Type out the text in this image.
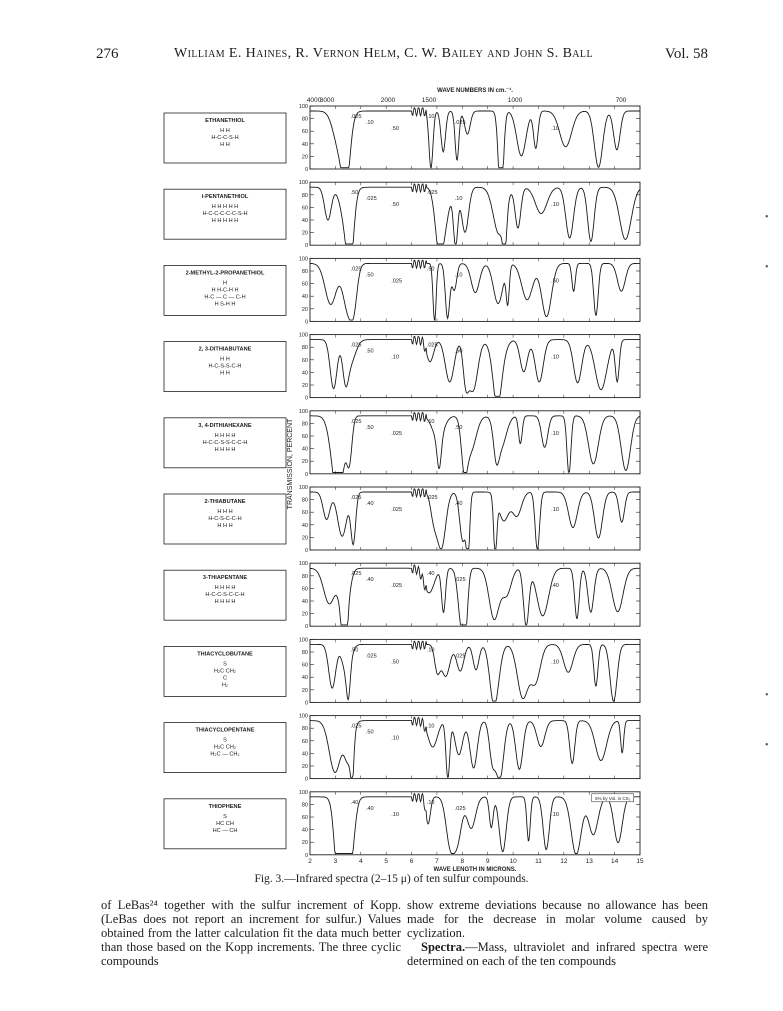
276	William E. Haines, R. Vernon Helm, C. W. Bailey and John S. Ball	Vol. 58
WAVE NUMBERS IN cm.⁻¹.
4000
3000	2000	1500	1000	700
ETHANETHIOL
H H
H-C-C-S-H
H H
100
80
60
40
20
0
.025
.10
.50
.10
.025
.10
I-PENTANETHIOL
H H H H H
H-C-C-C-C-C-S-H
H H H H H
100
80
60
40
20
0
.50
.025
.50
.025
.10
.10
2-METHYL-2-PROPANETHIOL
H
H H-C-H H
H-C — C — C-H
H S-H H
100
80
60
40
20
0
.025
.50
.025
.50
.10
.50
2, 3-DITHIABUTANE
H H
H-C-S-S-C-H
H H
100
80
60
40
20
0
.025
.50
.10
.025
.50
.10
3, 4-DITHIAHEXANE
H H H H
H-C-C-S-S-C-C-H
H H H H
100
80
60
40
20
0
.025
.50
.025
.10
.50
.10
2-THIABUTANE
H H H
H-C-S-C-C-H
H H H
100
80
60
40
20
0
.025
.40
.025
.025
.40
.10
3-THIAPENTANE
H H H H
H-C-C-S-C-C-H
H H H H
100
80
60
40
20
0
.025
.40
.025
.40
.025
.40
THIACYCLOBUTANE
S
H₂C CH₂
C
H₂
100
80
60
40
20
0
.50
.025
.50
.10
.025
.10
THIACYCLOPENTANE
S
H₂C CH₂
H₂C — CH₂
100
80
60
40
20
0
.025
.50
.10
.10
THIOPHENE
S
HC CH
HC — CH
100
80
60
40
20
0
.40
.40
.10
.10
.025
.10
5% by Vol. in CS₂
2	3	4	5	6	7	8	9	10	11	12	13	14	15
WAVE LENGTH IN MICRONS.
TRANSMISSION, PERCENT
Fig. 3.—Infrared spectra (2–15 μ) of ten sulfur compounds.

of LeBas²⁴ together with the sulfur increment of Kopp. (LeBas does not report an increment for sulfur.) Values obtained from the latter calculation fit the data much better than those based on the Kopp increments. The three cyclic compounds

show extreme deviations because no allowance has been made for the decrease in molar volume caused by cyclization.

Spectra.—Mass, ultraviolet and infrared spectra were determined on each of the ten compounds

•
•
•
•
